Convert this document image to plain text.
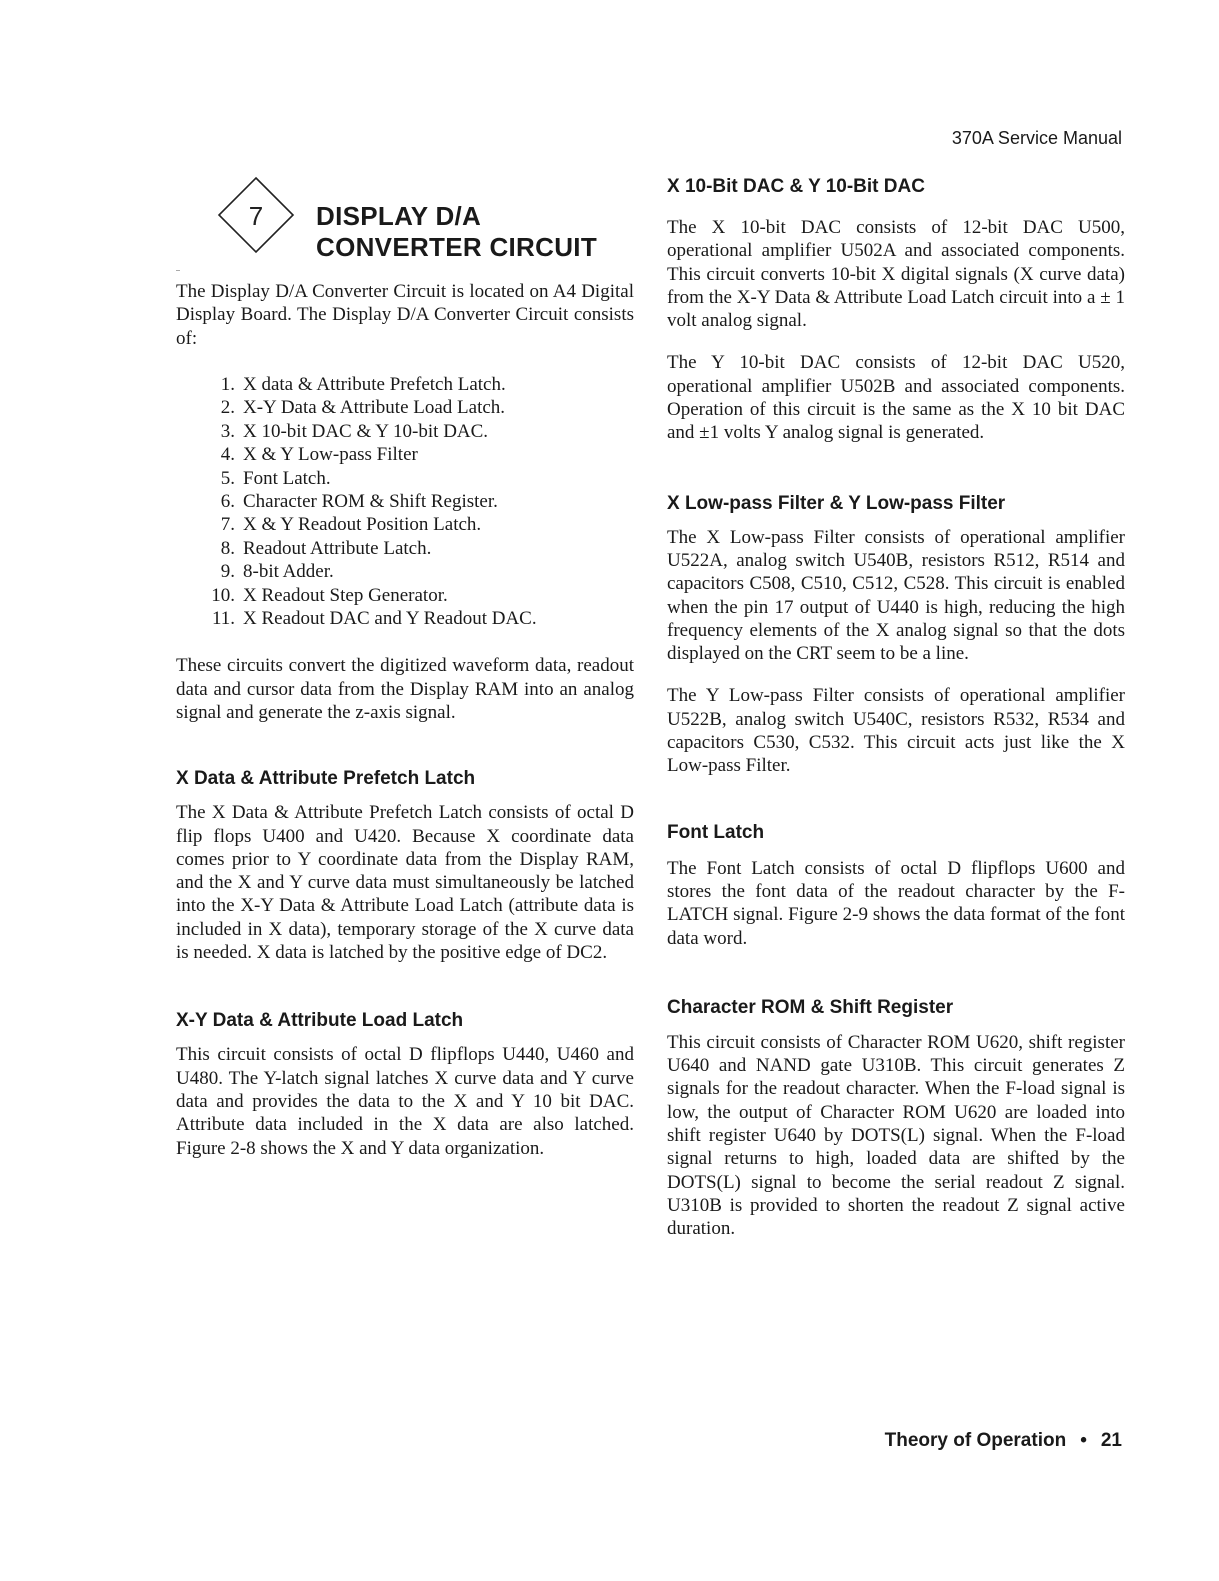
370A Service Manual
7 DISPLAY D/A
CONVERTER CIRCUIT

The Display D/A Converter Circuit is located on A4 Digital Display Board. The Display D/A Converter Circuit consists of:

1. X data & Attribute Prefetch Latch.
2. X-Y Data & Attribute Load Latch.
3. X 10-bit DAC & Y 10-bit DAC.
4. X & Y Low-pass Filter
5. Font Latch.
6. Character ROM & Shift Register.
7. X & Y Readout Position Latch.
8. Readout Attribute Latch.
9. 8-bit Adder.
10. X Readout Step Generator.
11. X Readout DAC and Y Readout DAC.

These circuits convert the digitized waveform data, readout data and cursor data from the Display RAM into an analog signal and generate the z-axis signal.

X Data & Attribute Prefetch Latch

The X Data & Attribute Prefetch Latch consists of octal D flip flops U400 and U420. Because X coordinate data comes prior to Y coordinate data from the Display RAM, and the X and Y curve data must simultaneously be latched into the X-Y Data & Attribute Load Latch (attribute data is included in X data), temporary storage of the X curve data is needed. X data is latched by the positive edge of DC2.

X-Y Data & Attribute Load Latch

This circuit consists of octal D flipflops U440, U460 and U480. The Y-latch signal latches X curve data and Y curve data and provides the data to the X and Y 10 bit DAC. Attribute data included in the X data are also latched. Figure 2-8 shows the X and Y data organization.

X 10-Bit DAC & Y 10-Bit DAC

The X 10-bit DAC consists of 12-bit DAC U500, operational amplifier U502A and associated components. This circuit converts 10-bit X digital signals (X curve data) from the X-Y Data & Attribute Load Latch circuit into a ± 1 volt analog signal.

The Y 10-bit DAC consists of 12-bit DAC U520, operational amplifier U502B and associated components. Operation of this circuit is the same as the X 10 bit DAC and ±1 volts Y analog signal is generated.

X Low-pass Filter & Y Low-pass Filter

The X Low-pass Filter consists of operational amplifier U522A, analog switch U540B, resistors R512, R514 and capacitors C508, C510, C512, C528. This circuit is enabled when the pin 17 output of U440 is high, reducing the high frequency elements of the X analog signal so that the dots displayed on the CRT seem to be a line.

The Y Low-pass Filter consists of operational amplifier U522B, analog switch U540C, resistors R532, R534 and capacitors C530, C532. This circuit acts just like the X Low-pass Filter.

Font Latch

The Font Latch consists of octal D flipflops U600 and stores the font data of the readout character by the F-LATCH signal. Figure 2-9 shows the data format of the font data word.

Character ROM & Shift Register

This circuit consists of Character ROM U620, shift register U640 and NAND gate U310B. This circuit generates Z signals for the readout character. When the F-load signal is low, the output of Character ROM U620 are loaded into shift register U640 by DOTS(L) signal. When the F-load signal returns to high, loaded data are shifted by the DOTS(L) signal to become the serial readout Z signal. U310B is provided to shorten the readout Z signal active duration.

Theory of Operation • 21
